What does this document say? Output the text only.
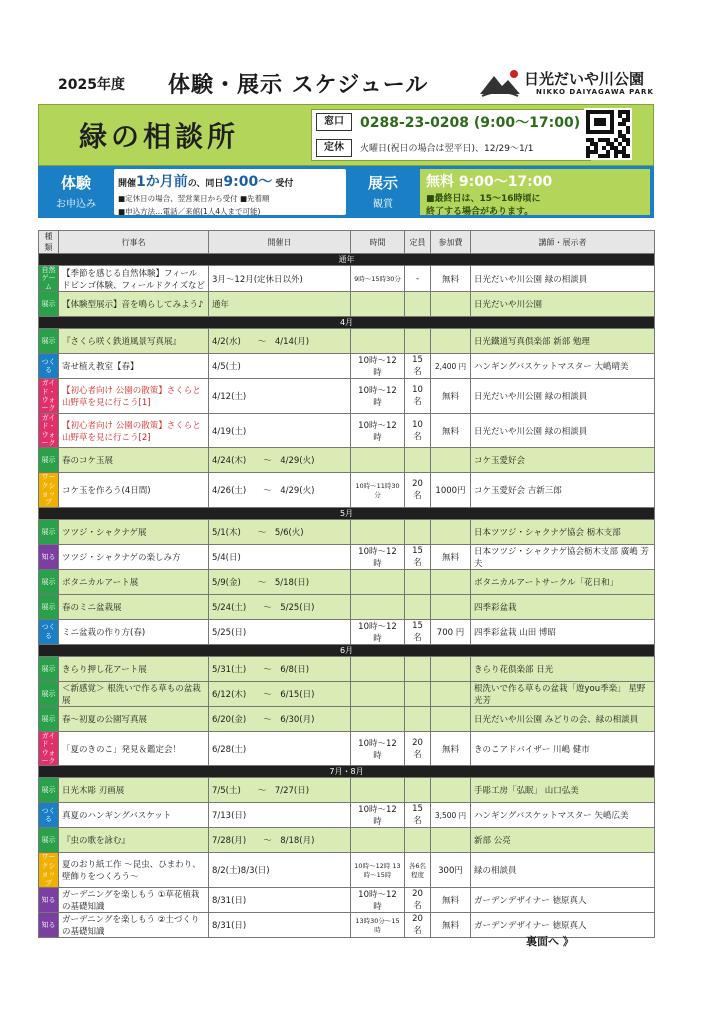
2025年度 体験・展示 スケジュール	日光だいや川公園
NIKKO DAIYAGAWA PARK
緑の相談所	窓口	0288-23-0208 (9:00～17:00)
定休	火曜日(祝日の場合は翌平日)、12/29～1/1
体験
お申込み
開催1か月前の、同日9:00～ 受付
■定休日の場合、翌営業日から受付 ■先着順
■申込方法…電話／来館(1人4人まで可能)
展示
観賞
無料 9:00～17:00
■最終日は、15～16時頃に
終了する場合があります。
種類	行事名	開催日	時間	定員	参加費	講師・展示者
通年						
自然ゲーム	【季節を感じる自然体験】フィールドビンゴ体験、フィールドクイズなど	3月～12月(定休日以外)	9時～15時30分	-	無料	日光だいや川公園 緑の相談員
展示	【体験型展示】音を鳴らしてみよう♪	通年				日光だいや川公園
4月						
展示	『さくら咲く鉄道風景写真展』	4/2(水)　　～　4/14(月)				日光鐵道写真倶楽部 新部 勉理
つくる	寄せ植え教室【春】	4/5(土)	10時～12時	15 名	2,400 円	ハンギングバスケットマスター 大嶋晴美
ガイド・ウォーク	【初心者向け 公園の散策】さくらと山野草を見に行こう[1]	4/12(土)	10時～12時	10 名	無料	日光だいや川公園 緑の相談員
ガイド・ウォーク	【初心者向け 公園の散策】さくらと山野草を見に行こう[2]	4/19(土)	10時～12時	10 名	無料	日光だいや川公園 緑の相談員
展示	春のコケ玉展	4/24(木)　　～　4/29(火)				コケ玉愛好会
ワークショップ	コケ玉を作ろう(4日間)	4/26(土)　　～　4/29(火)	10時～11時30分	20 名	1000円	コケ玉愛好会 吉新三郎
5月						
展示	ツツジ・シャクナゲ展	5/1(木)　　～　5/6(火)				日本ツツジ・シャクナゲ協会 栃木支部
知る	ツツジ・シャクナゲの楽しみ方	5/4(日)	10時～12時	15 名	無料	日本ツツジ・シャクナゲ協会栃木支部 廣嶋 芳夫
展示	ボタニカルアート展	5/9(金)　　～　5/18(日)				ボタニカルアートサークル「花日和」
展示	春のミニ盆栽展	5/24(土)　　～　5/25(日)				四季彩盆栽
つくる	ミニ盆栽の作り方(春)	5/25(日)	10時～12時	15 名	700 円	四季彩盆栽 山田 博昭
6月						
展示	きらり押し花アート展	5/31(土)　　～　6/8(日)				きらり花倶楽部 日光
展示	＜新感覚＞ 根洗いで作る草もの盆栽展	6/12(木)　　～　6/15(日)				根洗いで作る草もの盆栽「遊you季楽」 星野光芳
展示	春～初夏の公園写真展	6/20(金)　　～　6/30(月)				日光だいや川公園 みどりの会、緑の相談員
ガイド・ウォーク	「夏のきのこ」発見＆鑑定会！	6/28(土)	10時～12時	20 名	無料	きのこアドバイザー 川嶋 健市
7月・8月						
展示	日光木彫 刃画展	7/5(土)　　～　7/27(日)				手彫工房「弘眠」 山口弘美
つくる	真夏のハンギングバスケット	7/13(日)	10時～12時	15 名	3,500 円	ハンギングバスケットマスター 矢嶋広美
展示	『虫の歌を詠む』	7/28(月)　　～　8/18(月)				新部 公亮
ワークショップ	夏のおり紙工作 ～昆虫、ひまわり、壁飾りをつくろう～	8/2(土)8/3(日)	10時～12時 13時～15時	各6名程度	300円	緑の相談員
知る	ガーデニングを楽しもう ①草花植栽の基礎知識	8/31(日)	10時～12時	20名	無料	ガーデンデザイナー 徳原真人
知る	ガーデニングを楽しもう ②土づくりの基礎知識	8/31(日)	13時30分～15時	20名	無料	ガーデンデザイナー 徳原真人
裏面へ 》
